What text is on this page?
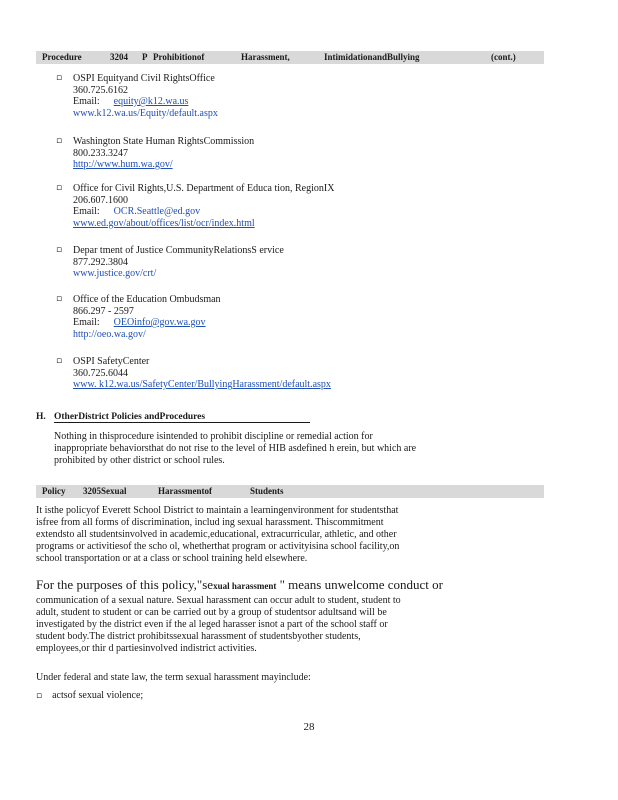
Procedure	3204 P Prohibitionof	Harassment,	IntimidationandBullying	(cont.)
▫ OSPI Equityand Civil RightsOffice
360.725.6162
Email: equity@k12.wa.us
www.k12.wa.us/Equity/default.aspx
▫ Washington State Human RightsCommission
800.233.3247
http://www.hum.wa.gov/
▫ Office for Civil Rights,U.S. Department of Educa tion, RegionIX
206.607.1600
Email: OCR.Seattle@ed.gov
www.ed.gov/about/offices/list/ocr/index.html
▫ Depar tment of Justice CommunityRelationsS ervice
877.292.3804
www.justice.gov/crt/
▫ Office of the Education Ombudsman
866.297 - 2597
Email: OEOinfo@gov.wa.gov
http://oeo.wa.gov/
▫ OSPI SafetyCenter
360.725.6044
www. k12.wa.us/SafetyCenter/BullyingHarassment/default.aspx
H. OtherDistrict Policies andProcedures

Nothing in thisprocedure isintended to prohibit discipline or remedial action for

inappropriate behaviorsthat do not rise to the level of HIB asdefined h erein, but which are

prohibited by other district or school rules.

Policy 3205Sexual	Harassmentof	Students

It isthe policyof Everett School District to maintain a learningenvironment for studentsthat

isfree from all forms of discrimination, includ ing sexual harassment. Thiscommitment

extendsto all studentsinvolved in academic,educational, extracurricular, athletic, and other

programs or activitiesof the scho ol, whetherthat program or activityisina school facility,on

school transportation or at a class or school training held elsewhere.

For the purposes of this policy,"sexual harassment " means unwelcome conduct or

communication of a sexual nature. Sexual harassment can occur adult to student, student to

adult, student to student or can be carried out by a group of studentsor adultsand will be

investigated by the district even if the al leged harasser isnot a part of the school staff or

student body.The district prohibitssexual harassment of studentsbyother students,

employees,or thir d partiesinvolved indistrict activities.

Under federal and state law, the term sexual harassment mayinclude:

▫ actsof sexual violence;

28
